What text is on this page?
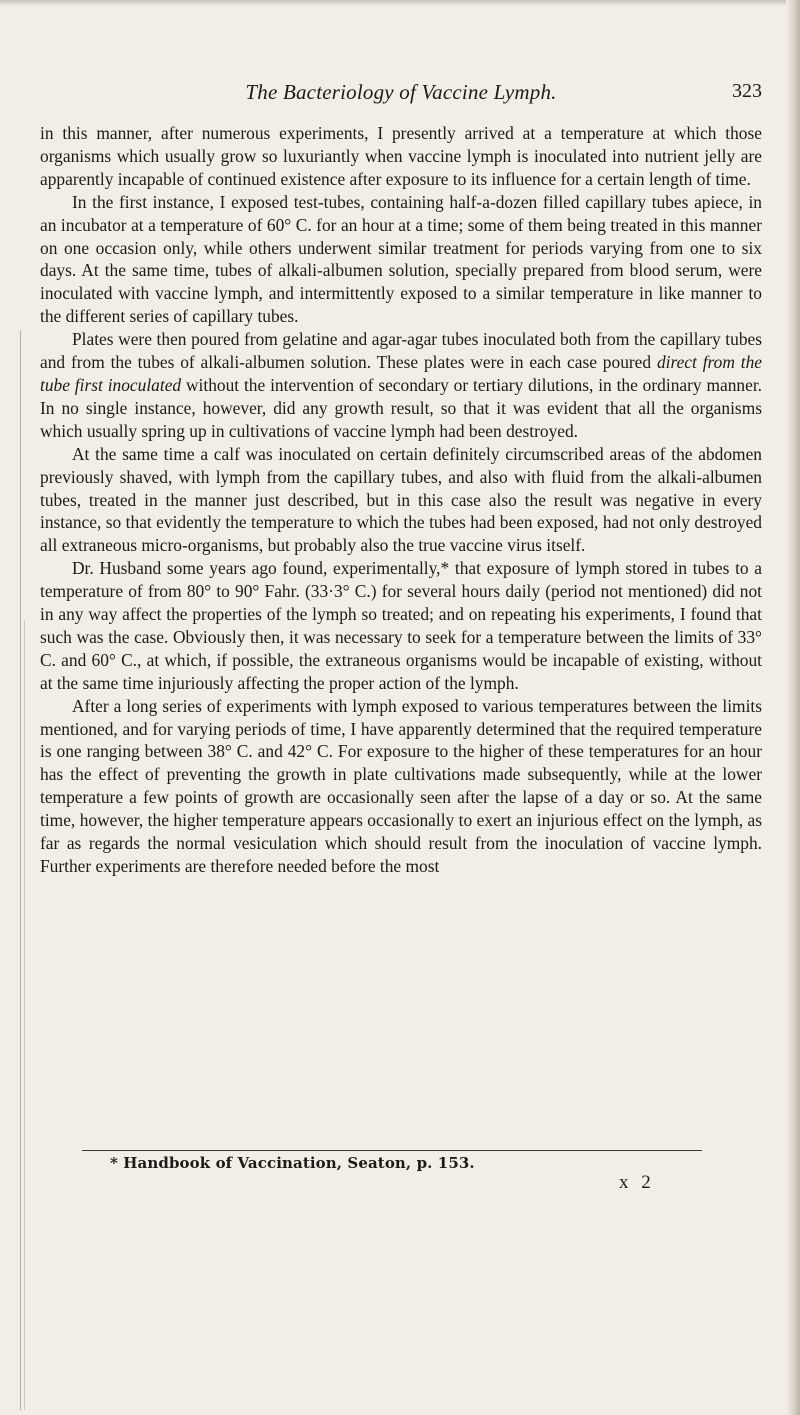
The Bacteriology of Vaccine Lymph.	323

in this manner, after numerous experiments, I presently arrived at a temperature at which those organisms which usually grow so luxuriantly when vaccine lymph is inoculated into nutrient jelly are apparently incapable of continued existence after exposure to its influence for a certain length of time.

In the first instance, I exposed test-tubes, containing half-a-dozen filled capillary tubes apiece, in an incubator at a temperature of 60° C. for an hour at a time; some of them being treated in this manner on one occasion only, while others underwent similar treatment for periods varying from one to six days. At the same time, tubes of alkali-albumen solution, specially prepared from blood serum, were inoculated with vaccine lymph, and intermittently exposed to a similar temperature in like manner to the different series of capillary tubes.

Plates were then poured from gelatine and agar-agar tubes inoculated both from the capillary tubes and from the tubes of alkali-albumen solution. These plates were in each case poured direct from the tube first inoculated without the intervention of secondary or tertiary dilutions, in the ordinary manner. In no single instance, however, did any growth result, so that it was evident that all the organisms which usually spring up in cultivations of vaccine lymph had been destroyed.

At the same time a calf was inoculated on certain definitely circumscribed areas of the abdomen previously shaved, with lymph from the capillary tubes, and also with fluid from the alkali-albumen tubes, treated in the manner just described, but in this case also the result was negative in every instance, so that evidently the temperature to which the tubes had been exposed, had not only destroyed all extraneous micro-organisms, but probably also the true vaccine virus itself.

Dr. Husband some years ago found, experimentally,* that exposure of lymph stored in tubes to a temperature of from 80° to 90° Fahr. (33·3° C.) for several hours daily (period not mentioned) did not in any way affect the properties of the lymph so treated; and on repeating his experiments, I found that such was the case. Obviously then, it was necessary to seek for a temperature between the limits of 33° C. and 60° C., at which, if possible, the extraneous organisms would be incapable of existing, without at the same time injuriously affecting the proper action of the lymph.

After a long series of experiments with lymph exposed to various temperatures between the limits mentioned, and for varying periods of time, I have apparently determined that the required temperature is one ranging between 38° C. and 42° C. For exposure to the higher of these temperatures for an hour has the effect of preventing the growth in plate cultivations made subsequently, while at the lower temperature a few points of growth are occasionally seen after the lapse of a day or so. At the same time, however, the higher temperature appears occasionally to exert an injurious effect on the lymph, as far as regards the normal vesiculation which should result from the inoculation of vaccine lymph. Further experiments are therefore needed before the most

* Handbook of Vaccination, Seaton, p. 153.
x 2
